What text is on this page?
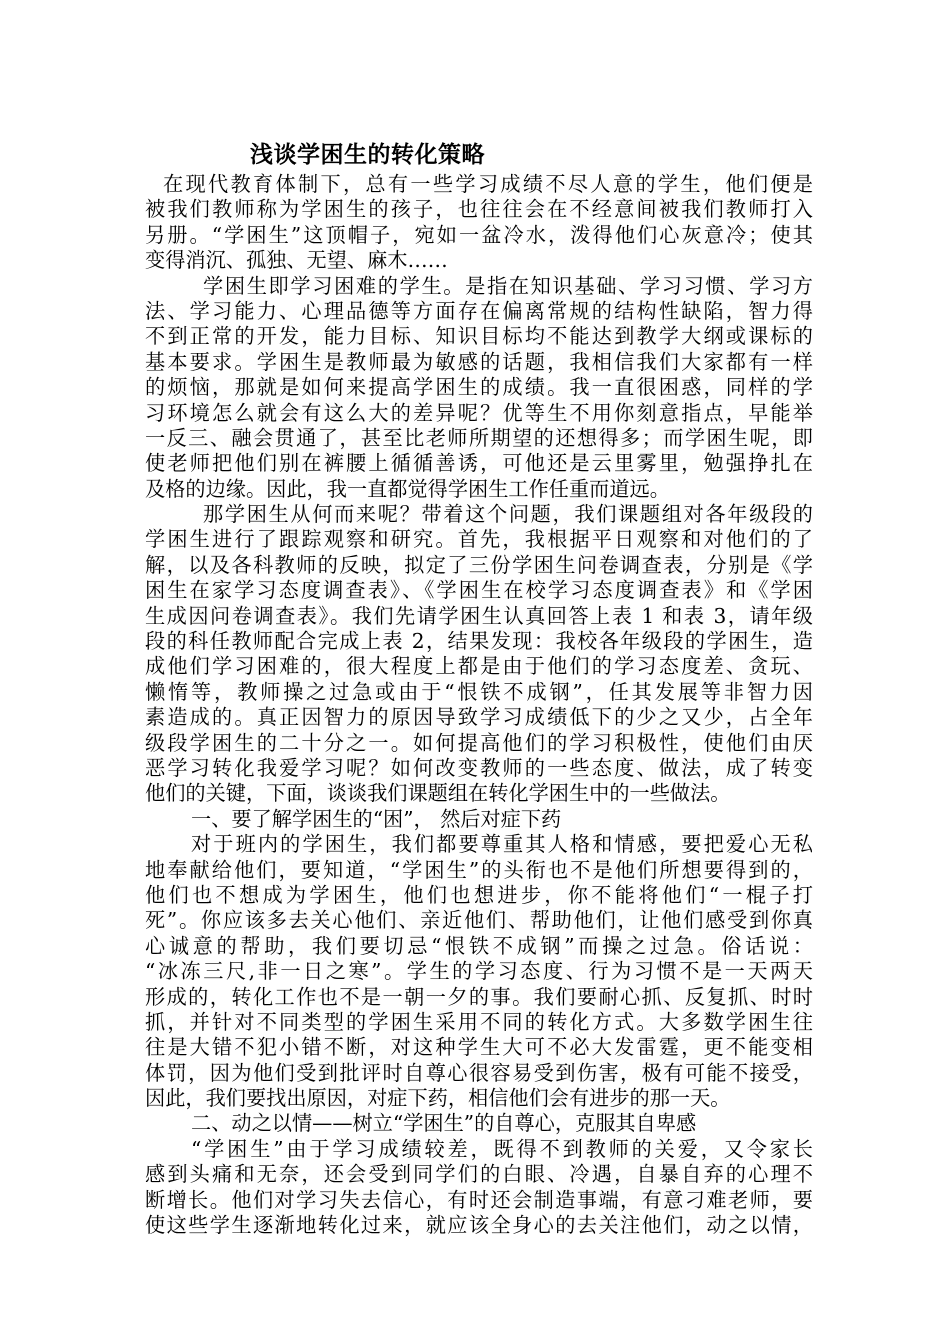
浅谈学困生的转化策略
在现代教育体制下，总有一些学习成绩不尽人意的学生，他们便是
被我们教师称为学困生的孩子，也往往会在不经意间被我们教师打入
另册。“学困生”这顶帽子，宛如一盆冷水，泼得他们心灰意冷；使其
变得消沉、孤独、无望、麻木……
学困生即学习困难的学生。是指在知识基础、学习习惯、学习方
法、学习能力、心理品德等方面存在偏离常规的结构性缺陷，智力得
不到正常的开发，能力目标、知识目标均不能达到教学大纲或课标的
基本要求。学困生是教师最为敏感的话题，我相信我们大家都有一样
的烦恼，那就是如何来提高学困生的成绩。我一直很困惑，同样的学
习环境怎么就会有这么大的差异呢？优等生不用你刻意指点，早能举
一反三、融会贯通了，甚至比老师所期望的还想得多；而学困生呢，即
使老师把他们别在裤腰上循循善诱，可他还是云里雾里，勉强挣扎在
及格的边缘。因此，我一直都觉得学困生工作任重而道远。
那学困生从何而来呢？带着这个问题，我们课题组对各年级段的
学困生进行了跟踪观察和研究。首先，我根据平日观察和对他们的了
解，以及各科教师的反映，拟定了三份学困生问卷调查表，分别是《学
困生在家学习态度调查表》、《学困生在校学习态度调查表》和《学困
生成因问卷调查表》。我们先请学困生认真回答上表 1 和表 3，请年级
段的科任教师配合完成上表 2，结果发现：我校各年级段的学困生，造
成他们学习困难的，很大程度上都是由于他们的学习态度差、贪玩、
懒惰等，教师操之过急或由于“恨铁不成钢”，任其发展等非智力因
素造成的。真正因智力的原因导致学习成绩低下的少之又少，占全年
级段学困生的二十分之一。如何提高他们的学习积极性，使他们由厌
恶学习转化我爱学习呢？如何改变教师的一些态度、做法，成了转变
他们的关键，下面，谈谈我们课题组在转化学困生中的一些做法。
一、要了解学困生的“困”， 然后对症下药
对于班内的学困生，我们都要尊重其人格和情感，要把爱心无私
地奉献给他们，要知道，“学困生”的头衔也不是他们所想要得到的，
他们也不想成为学困生，他们也想进步，你不能将他们“一棍子打
死”。你应该多去关心他们、亲近他们、帮助他们，让他们感受到你真
心诚意的帮助，我们要切忌“恨铁不成钢”而操之过急。俗话说：
“冰冻三尺,非一日之寒”。学生的学习态度、行为习惯不是一天两天
形成的，转化工作也不是一朝一夕的事。我们要耐心抓、反复抓、时时
抓，并针对不同类型的学困生采用不同的转化方式。大多数学困生往
往是大错不犯小错不断，对这种学生大可不必大发雷霆，更不能变相
体罚，因为他们受到批评时自尊心很容易受到伤害，极有可能不接受，
因此，我们要找出原因，对症下药，相信他们会有进步的那一天。
二、动之以情——树立“学困生”的自尊心，克服其自卑感
“学困生”由于学习成绩较差，既得不到教师的关爱，又令家长
感到头痛和无奈，还会受到同学们的白眼、冷遇，自暴自弃的心理不
断增长。他们对学习失去信心，有时还会制造事端，有意刁难老师，要
使这些学生逐渐地转化过来，就应该全身心的去关注他们，动之以情，
